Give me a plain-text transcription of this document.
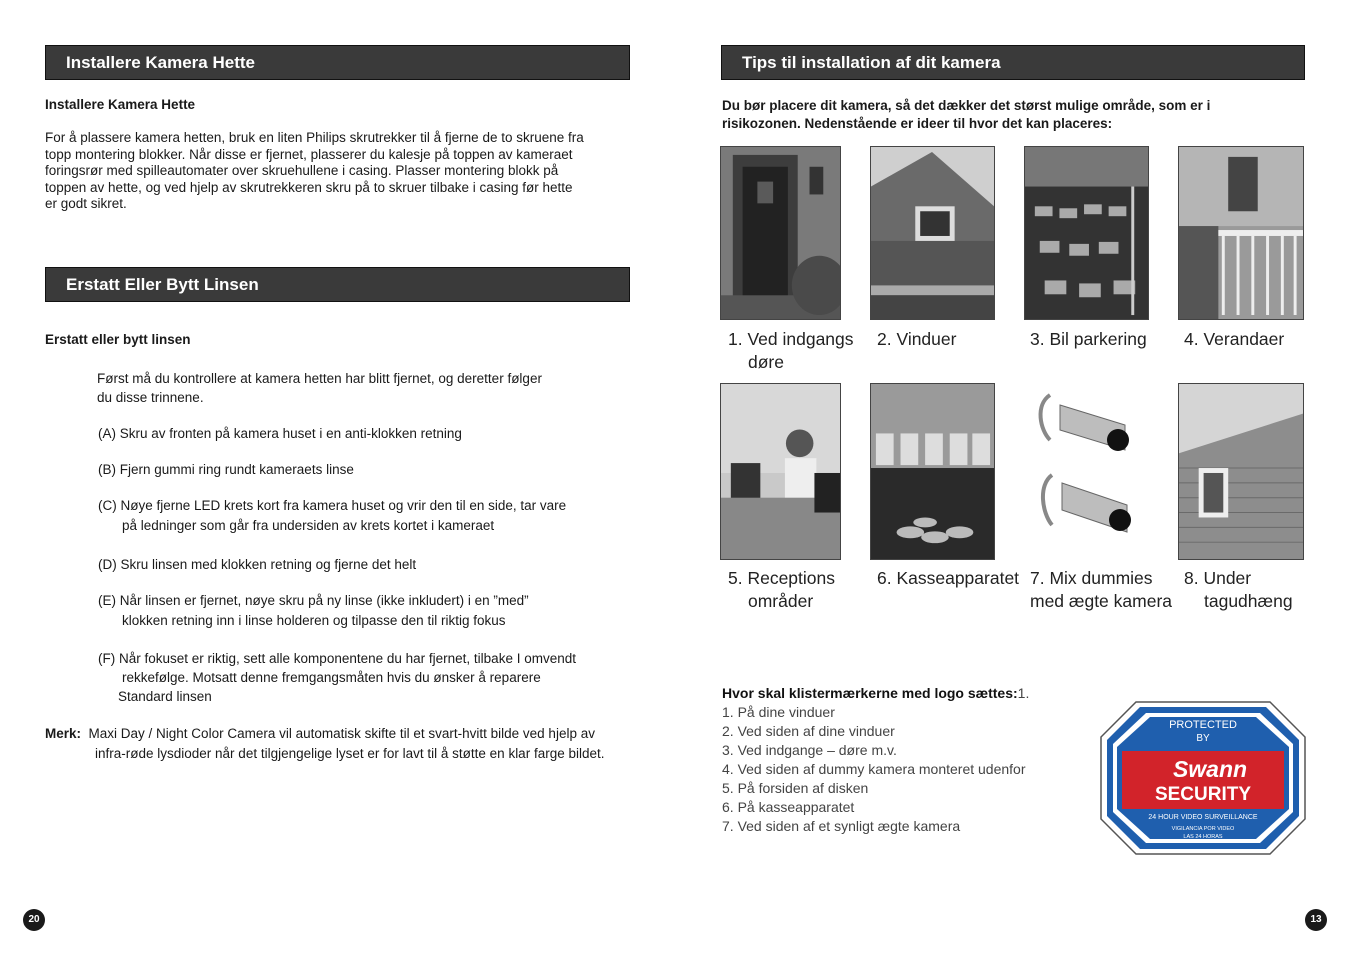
Installere Kamera Hette
Installere Kamera Hette
For å plassere kamera hetten, bruk en liten Philips skrutrekker til å fjerne de to skruene fra
topp montering blokker. Når disse er fjernet, plasserer du kalesje på toppen av kameraet
foringsrør med spilleautomater over skruehullene i casing. Plasser montering blokk på
toppen av hette, og ved hjelp av skrutrekkeren skru på to skruer tilbake i casing før hette
er godt sikret.
Erstatt Eller Bytt Linsen
Erstatt eller bytt linsen
Først må du kontrollere at kamera hetten har blitt fjernet, og deretter følger
du disse trinnene.
(A) Skru av fronten på kamera huset i en anti-klokken retning
(B) Fjern gummi ring rundt kameraets linse
(C) Nøye fjerne LED krets kort fra kamera huset og vrir den til en side, tar vare
på ledninger som går fra undersiden av krets kortet i kameraet
(D) Skru linsen med klokken retning og fjerne det helt
(E) Når linsen er fjernet, nøye skru på ny linse (ikke inkludert) i en ”med”
klokken retning inn i linse holderen og tilpasse den til riktig fokus
(F) Når fokuset er riktig, sett alle komponentene du har fjernet, tilbake I omvendt
rekkefølge. Motsatt denne fremgangsmåten hvis du ønsker å reparere
Standard linsen
Merk: Maxi Day / Night Color Camera vil automatisk skifte til et svart-hvitt bilde ved hjelp av
infra-røde lysdioder når det tilgjengelige lyset er for lavt til å støtte en klar farge bildet.
20
Tips til installation af dit kamera
Du bør placere dit kamera, så det dækker det størst mulige område, som er i
risikozonen. Nedenstående er ideer til hvor det kan placeres:
1. Ved indgangs
døre
2. Vinduer	3. Bil parkering 4. Verandaer
5. Receptions
områder
6. Kasseapparatet 7. Mix dummies
med ægte kamera
8. Under
tagudhæng
Hvor skal klistermærkerne med logo sættes:1.
1. På dine vinduer
2. Ved siden af dine vinduer
3. Ved indgange – døre m.v.
4. Ved siden af dummy kamera monteret udenfor
5. På forsiden af disken
6. På kasseapparatet
7. Ved siden af et synligt ægte kamera
PROTECTED
BY
Swann
SECURITY
24 HOUR VIDEO SURVEILLANCE
VIGILANCIA POR VIDEO
LAS 24 HORAS
13
